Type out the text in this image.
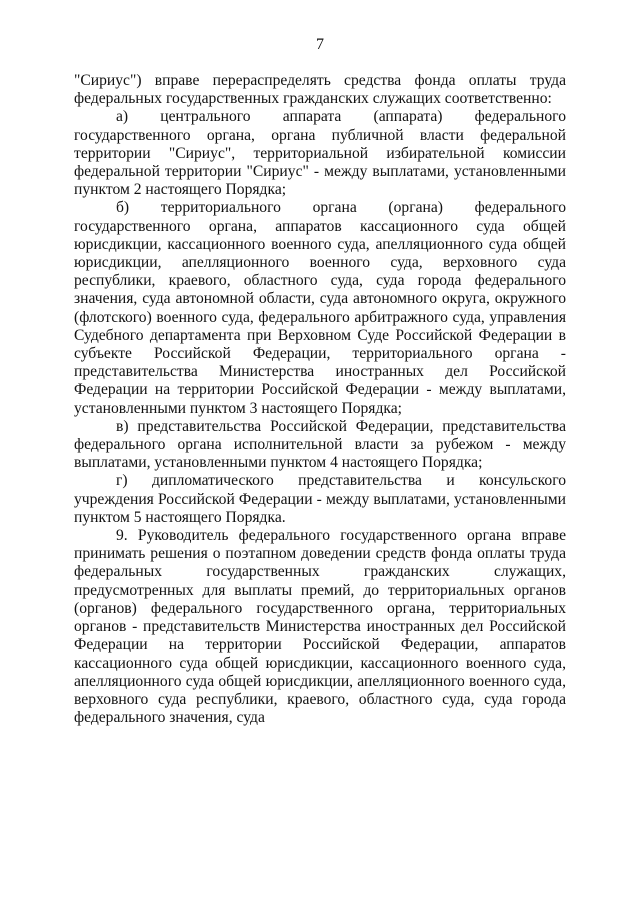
7

"Сириус") вправе перераспределять средства фонда оплаты труда федеральных государственных гражданских служащих соответственно:

а) центрального аппарата (аппарата) федерального государственного органа, органа публичной власти федеральной территории "Сириус", территориальной избирательной комиссии федеральной территории "Сириус" - между выплатами, установленными пунктом 2 настоящего Порядка;

б) территориального органа (органа) федерального государственного органа, аппаратов кассационного суда общей юрисдикции, кассационного военного суда, апелляционного суда общей юрисдикции, апелляционного военного суда, верховного суда республики, краевого, областного суда, суда города федерального значения, суда автономной области, суда автономного округа, окружного (флотского) военного суда, федерального арбитражного суда, управления Судебного департамента при Верховном Суде Российской Федерации в субъекте Российской Федерации, территориального органа - представительства Министерства иностранных дел Российской Федерации на территории Российской Федерации - между выплатами, установленными пунктом 3 настоящего Порядка;

в) представительства Российской Федерации, представительства федерального органа исполнительной власти за рубежом - между выплатами, установленными пунктом 4 настоящего Порядка;

г) дипломатического представительства и консульского учреждения Российской Федерации - между выплатами, установленными пунктом 5 настоящего Порядка.

9. Руководитель федерального государственного органа вправе принимать решения о поэтапном доведении средств фонда оплаты труда федеральных государственных гражданских служащих, предусмотренных для выплаты премий, до территориальных органов (органов) федерального государственного органа, территориальных органов - представительств Министерства иностранных дел Российской Федерации на территории Российской Федерации, аппаратов кассационного суда общей юрисдикции, кассационного военного суда, апелляционного суда общей юрисдикции, апелляционного военного суда, верховного суда республики, краевого, областного суда, суда города федерального значения, суда
